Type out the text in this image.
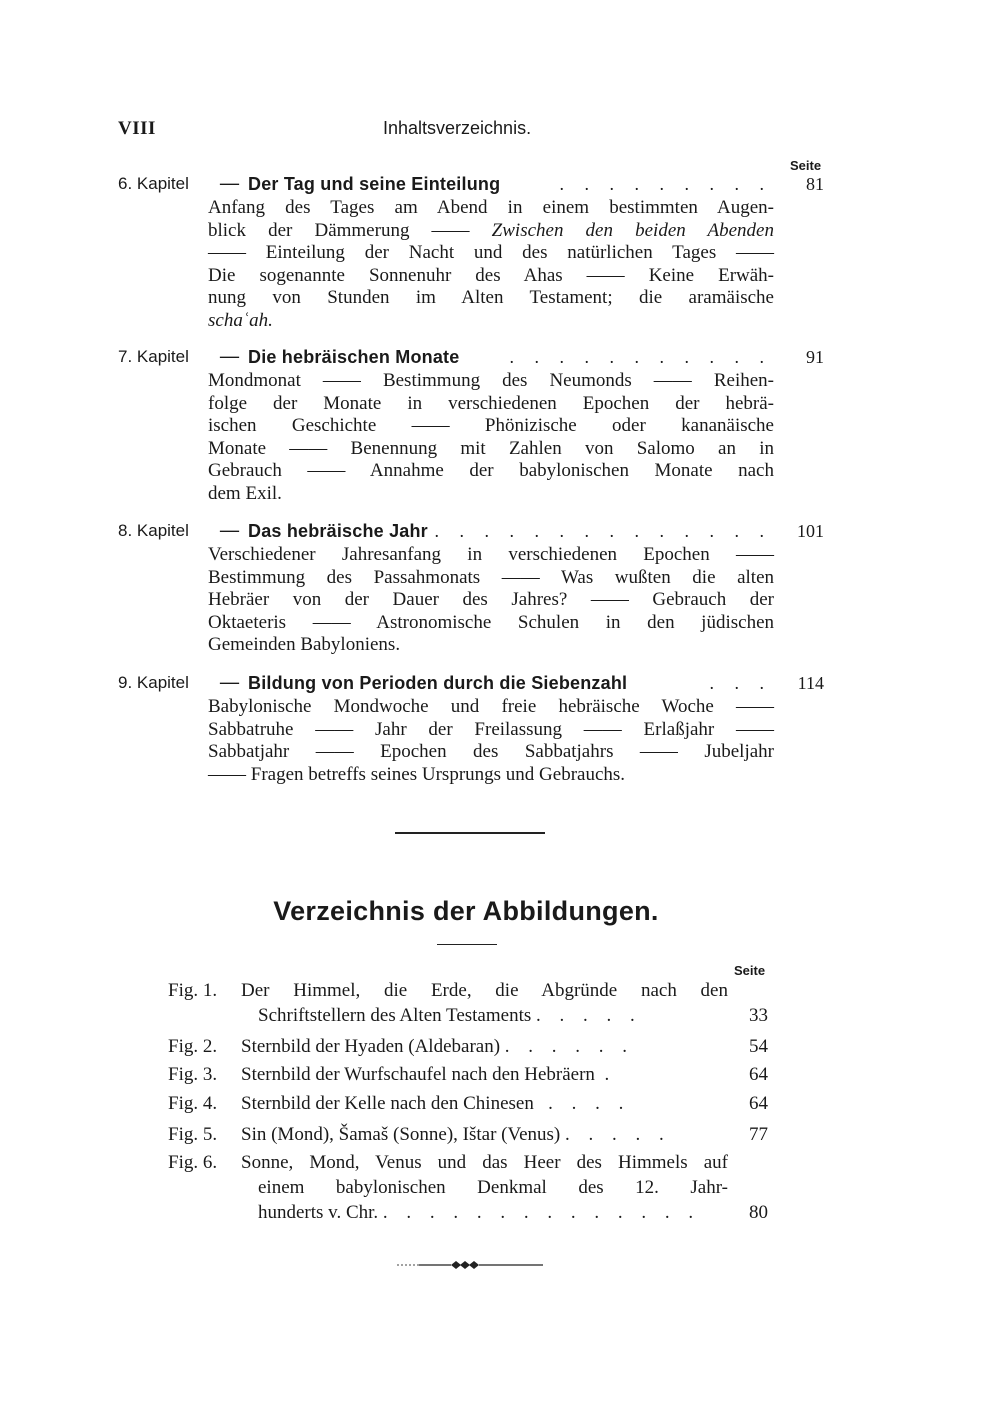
VIII	Inhaltsverzeichnis.
Seite
6. Kapitel — Der Tag und seine Einteilung	. . . . . . . . .	81
Anfang des Tages am Abend in einem bestimmten Augen-
blick der Dämmerung —— Zwischen den beiden Abenden
—— Einteilung der Nacht und des natürlichen Tages ——
Die sogenannte Sonnenuhr des Ahas —— Keine Erwäh-
nung von Stunden im Alten Testament; die aramäische
schaʿah.
7. Kapitel — Die hebräischen Monate	. . . . . . . . . . .	91
Mondmonat —— Bestimmung des Neumonds —— Reihen-
folge der Monate in verschiedenen Epochen der hebrä-
ischen Geschichte —— Phönizische oder kananäische
Monate —— Benennung mit Zahlen von Salomo an in
Gebrauch —— Annahme der babylonischen Monate nach
dem Exil.
8. Kapitel — Das hebräische Jahr . . . . . . . . . . . . . .	101
Verschiedener Jahresanfang in verschiedenen Epochen ——
Bestimmung des Passahmonats —— Was wußten die alten
Hebräer von der Dauer des Jahres? —— Gebrauch der
Oktaeteris —— Astronomische Schulen in den jüdischen
Gemeinden Babyloniens.
9. Kapitel — Bildung von Perioden durch die Siebenzahl	. . .	114
Babylonische Mondwoche und freie hebräische Woche ——
Sabbatruhe —— Jahr der Freilassung —— Erlaßjahr ——
Sabbatjahr —— Epochen des Sabbatjahrs —— Jubeljahr
—— Fragen betreffs seines Ursprungs und Gebrauchs.
Verzeichnis der Abbildungen.
Seite
Fig. 1. Der Himmel, die Erde, die Abgründe nach den
Schriftstellern des Alten Testaments . . . . .	33
Fig. 2. Sternbild der Hyaden (Aldebaran) . . . . . .	54
Fig. 3. Sternbild der Wurfschaufel nach den Hebräern .	64
Fig. 4. Sternbild der Kelle nach den Chinesen . . . .	64
Fig. 5. Sin (Mond), Šamaš (Sonne), Ištar (Venus) . . . . .	77
Fig. 6. Sonne, Mond, Venus und das Heer des Himmels auf
einem babylonischen Denkmal des 12. Jahr-
hunderts v. Chr. . . . . . . . . . . . . . .	80
